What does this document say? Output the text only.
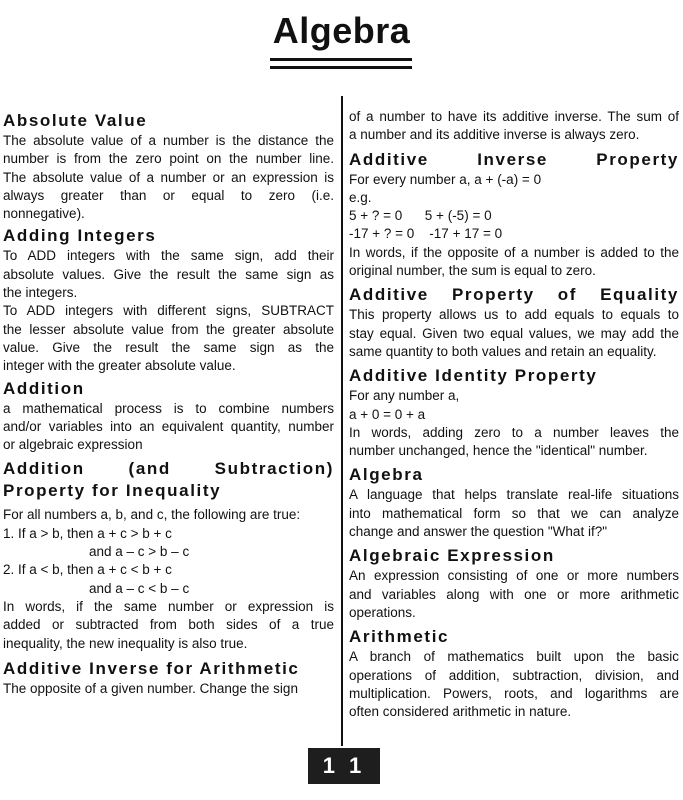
Algebra
Absolute Value
The absolute value of a number is the distance the
number is from the zero point on the number line.
The absolute value of a number or an expression is
always greater than or equal to zero (i.e.
nonnegative).
Adding Integers
To ADD integers with the same sign, add their
absolute values. Give the result the same sign as
the integers.
To ADD integers with different signs, SUBTRACT
the lesser absolute value from the greater absolute
value. Give the result the same sign as the
integer with the greater absolute value.
Addition
a mathematical process is to combine numbers
and/or variables into an equivalent quantity, number
or algebraic expression
Addition (and Subtraction)
Property for Inequality
For all numbers a, b, and c, the following are true:
1. If a > b, then a + c > b + c
and a – c > b – c
2. If a < b, then a + c < b + c
and a – c < b – c
In words, if the same number or expression is
added or subtracted from both sides of a true
inequality, the new inequality is also true.
Additive Inverse for Arithmetic
The opposite of a given number. Change the sign
of a number to have its additive inverse. The sum of
a number and its additive inverse is always zero.
Additive Inverse Property
For every number a, a + (-a) = 0
e.g.
5 + ? = 0      5 + (-5) = 0
-17 + ? = 0    -17 + 17 = 0
In words, if the opposite of a number is added to the
original number, the sum is equal to zero.
Additive Property of Equality
This property allows us to add equals to equals to
stay equal. Given two equal values, we may add the
same quantity to both values and retain an equality.
Additive Identity Property
For any number a,
a + 0 = 0 + a
In words, adding zero to a number leaves the
number unchanged, hence the "identical" number.
Algebra
A language that helps translate real-life situations
into mathematical form so that we can analyze
change and answer the question "What if?"
Algebraic Expression
An expression consisting of one or more numbers
and variables along with one or more arithmetic
operations.
Arithmetic
A branch of mathematics built upon the basic
operations of addition, subtraction, division, and
multiplication. Powers, roots, and logarithms are
often considered arithmetic in nature.
1 1
